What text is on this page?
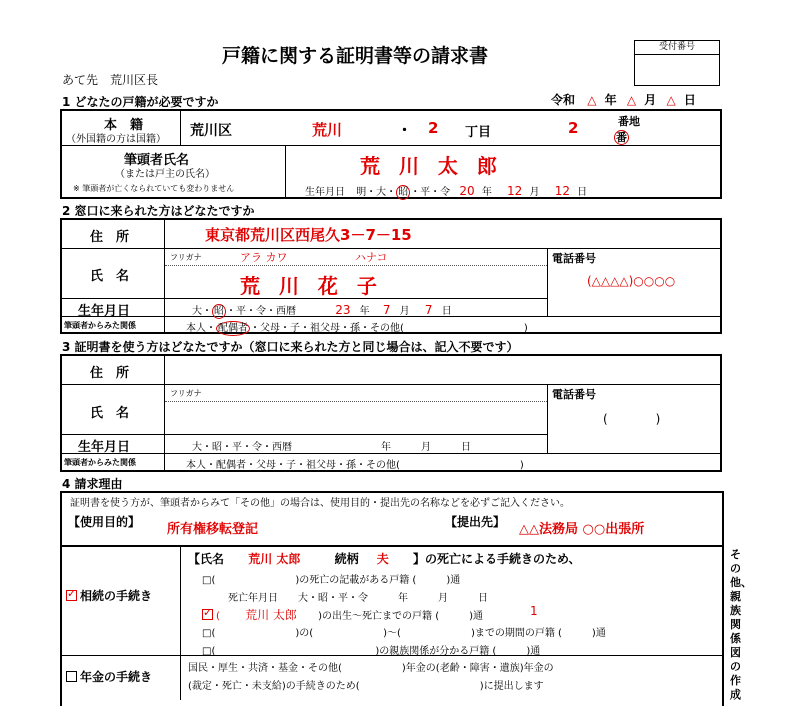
戸籍に関する証明書等の請求書	受付番号
あて先　荒川区長
令和 △ 年 △ 月 △ 日
1 どなたの戸籍が必要ですか
本　籍
（外国籍の方は国籍）
荒川区	荒川	・ 2 丁目	2	番地
番
筆頭者氏名
（または戸主の氏名）
※ 筆頭者が亡くなられていても変わりません
荒 川 太 郎
生年月日 明・大・ 昭 ・平・令 20 年 12 月 12 日
2 窓口に来られた方はどなたですか
住　所	東京都荒川区西尾久3－7－15
氏　名
フリガナ	アラ カワ	ハナコ
荒 川 花 子
電話番号
(△△△△)○○○○
生年月日	大・ 昭 ・平・令・西暦	23 年 7 月 7 日
筆頭者からみた関係	本人・ 配偶者 ・父母・子・祖父母・孫・その他(　　　　　　　　　　　　)
3 証明書を使う方はどなたですか（窓口に来られた方と同じ場合は、記入不要です）
住　所
氏　名
フリガナ	電話番号
(　　　　)
生年月日	大・昭・平・令・西暦	年　　　月　　　日
筆頭者からみた関係	本人・配偶者・父母・子・祖父母・孫・その他(　　　　　　　　　　　　)
4 請求理由
証明書を使う方が、筆頭者からみて「その他」の場合は、使用目的・提出先の名称などを必ずご記入ください。
【使用目的】 所有権移転登記	【提出先】 △△法務局 ○○出張所
✓ 相続の手続き
【氏名 荒川 太郎	続柄 夫 】の死亡による手続きのため、
□(　　　　　　　　)の死亡の記載がある戸籍 (　　　)通
死亡年月日　　大・昭・平・令　　　年　　　月　　　日
✓ ( 荒川 太郎 )の出生～死亡までの戸籍 (　　　)通	1
□(　　　　　　　　)の(　　　　　　　)～(　　　　　　　)までの期間の戸籍 (　　　)通
□(　　　　　　　　　　　　　　　　)の親族関係が分かる戸籍 (　　　)通
年金の手続き
国民・厚生・共済・基金・その他(　　　　　　)年金の(老齢・障害・遺族)年金の
(裁定・死亡・未支給)の手続きのため(　　　　　　　　　　　　)に提出します
その他、親族関係図の作成
